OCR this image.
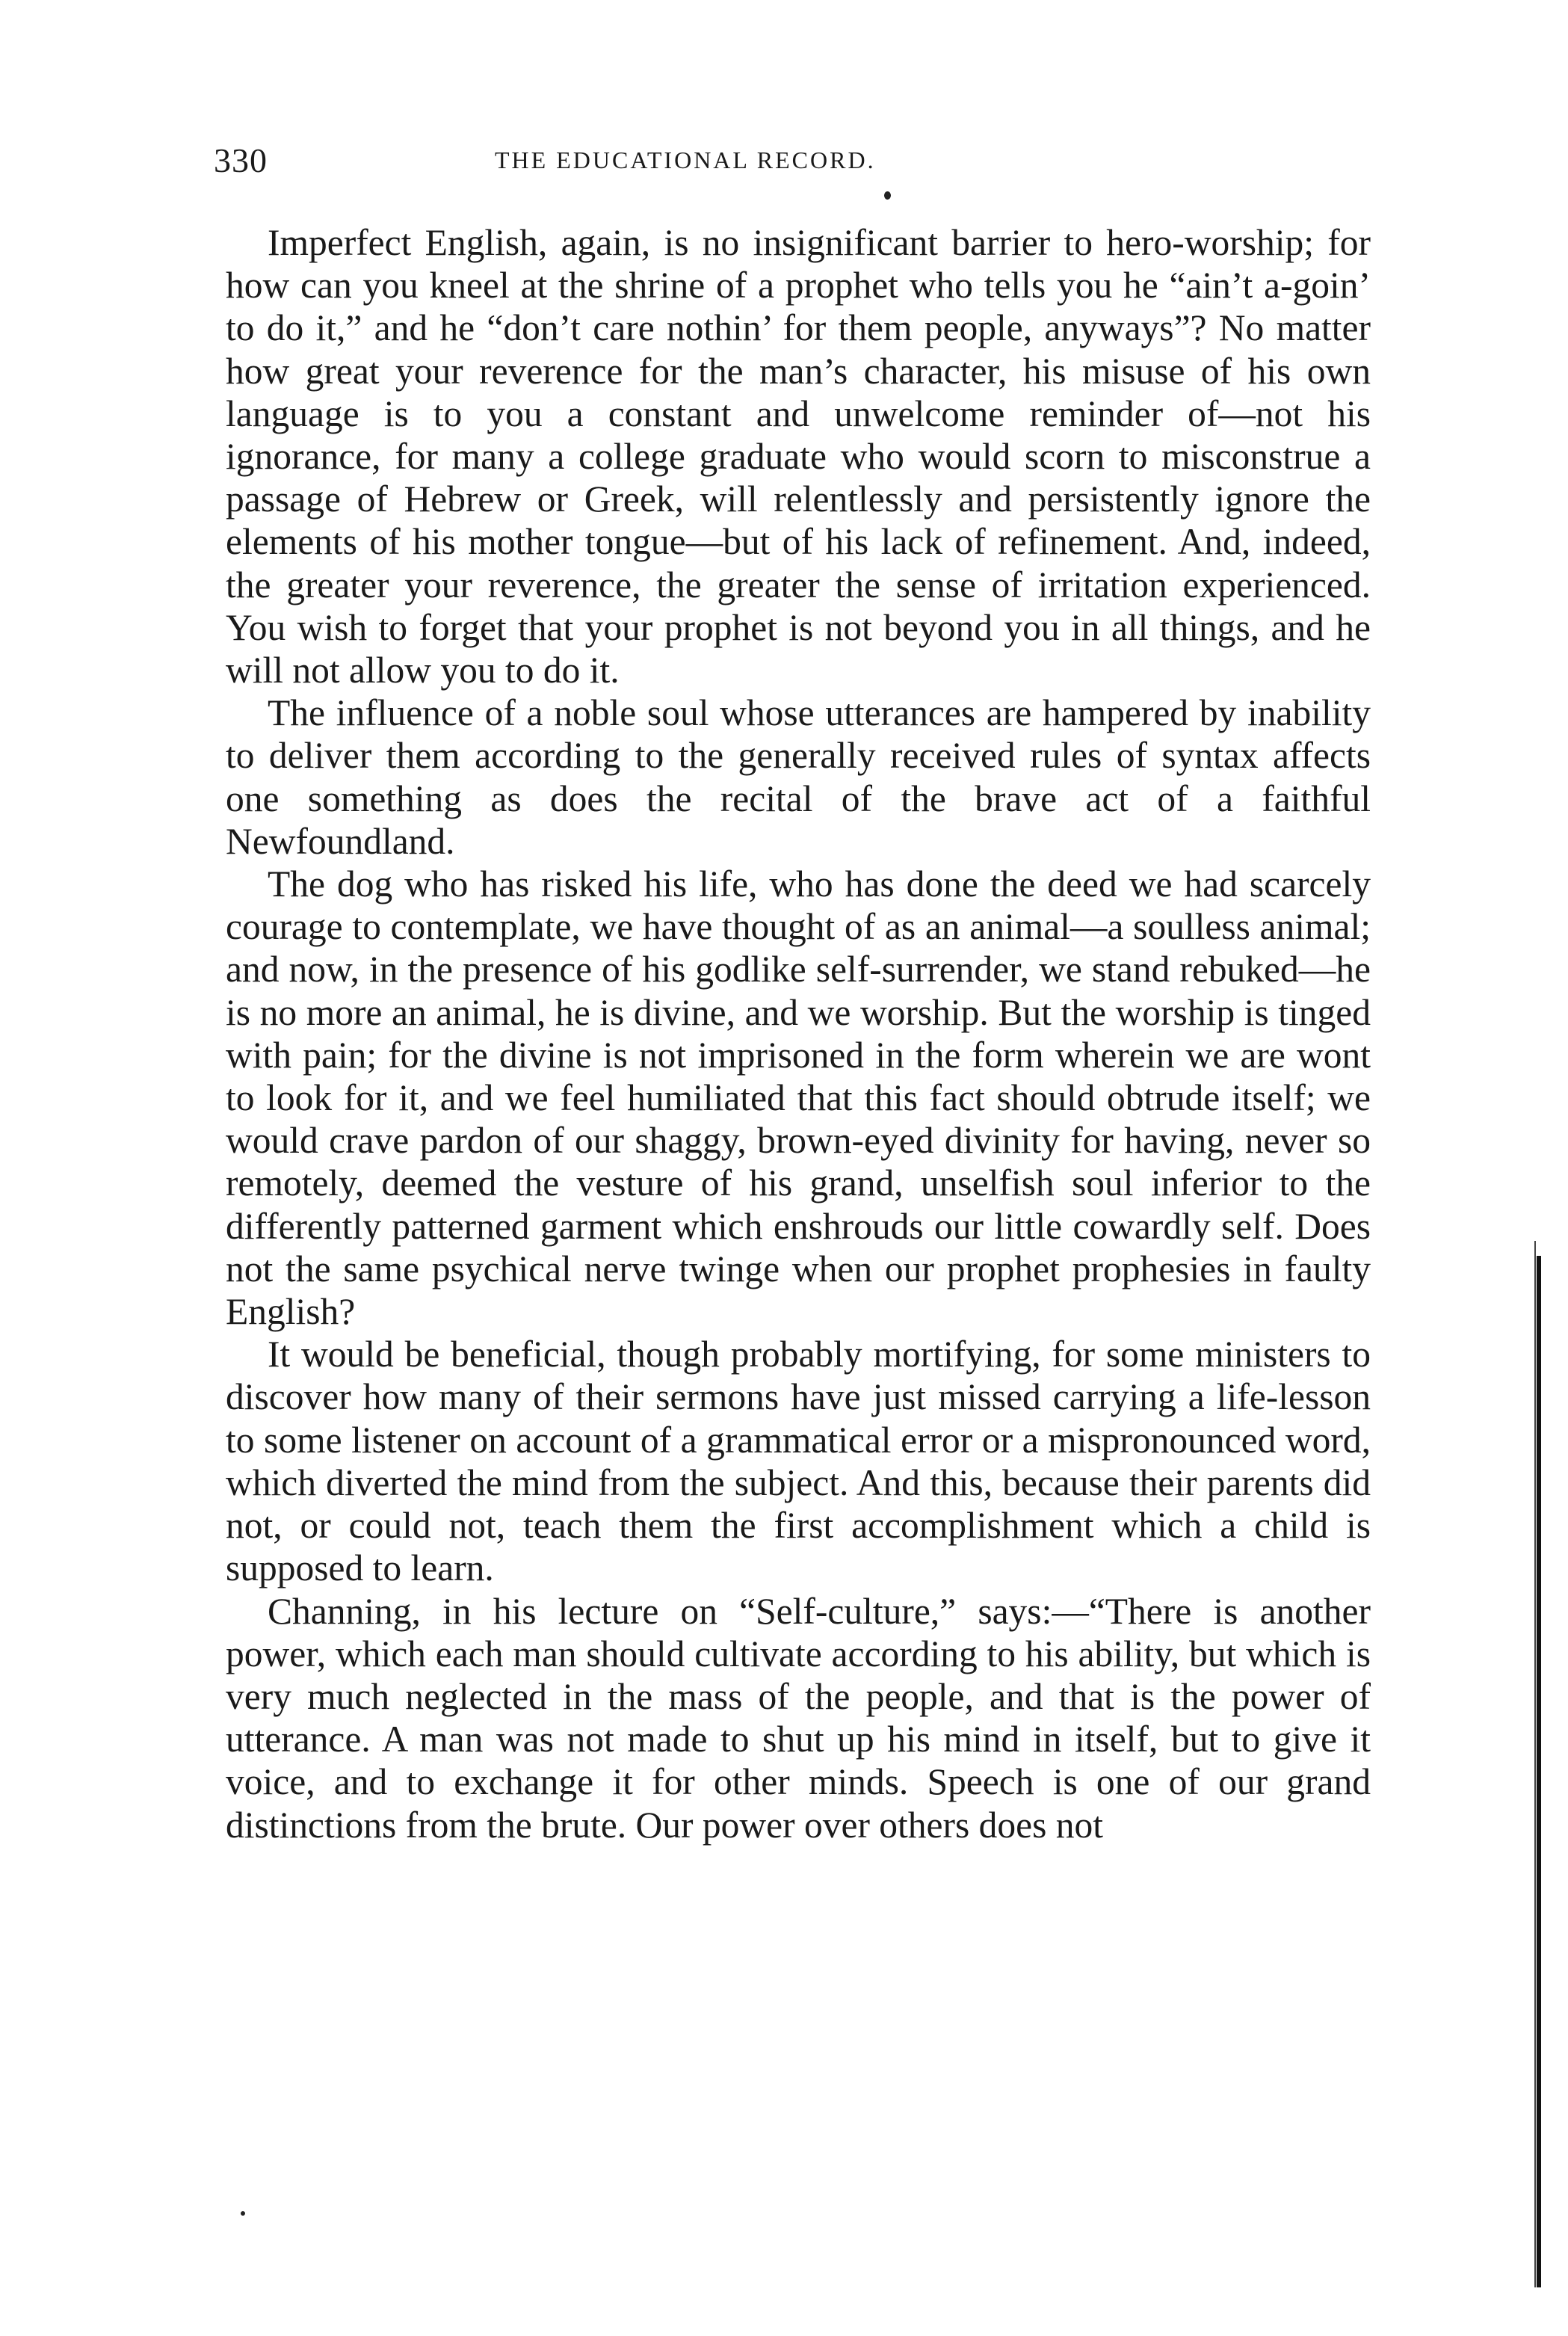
330	THE EDUCATIONAL RECORD.

Imperfect English, again, is no insignificant barrier to hero-worship; for how can you kneel at the shrine of a prophet who tells you he “ain’t a-goin’ to do it,” and he “don’t care nothin’ for them people, anyways”? No matter how great your reverence for the man’s character, his misuse of his own language is to you a constant and unwelcome reminder of—not his ignorance, for many a college graduate who would scorn to misconstrue a passage of Hebrew or Greek, will relentlessly and persistently ignore the elements of his mother tongue—but of his lack of refinement. And, indeed, the greater your reverence, the greater the sense of irritation experienced. You wish to forget that your prophet is not beyond you in all things, and he will not allow you to do it.

The influence of a noble soul whose utterances are hampered by inability to deliver them according to the generally received rules of syntax affects one something as does the recital of the brave act of a faithful Newfoundland.

The dog who has risked his life, who has done the deed we had scarcely courage to contemplate, we have thought of as an animal—a soulless animal; and now, in the presence of his godlike self-surrender, we stand rebuked—he is no more an animal, he is divine, and we worship. But the worship is tinged with pain; for the divine is not imprisoned in the form wherein we are wont to look for it, and we feel humiliated that this fact should obtrude itself; we would crave pardon of our shaggy, brown-eyed divinity for having, never so remotely, deemed the vesture of his grand, unselfish soul inferior to the differently patterned garment which enshrouds our little cowardly self. Does not the same psychical nerve twinge when our prophet prophesies in faulty English?

It would be beneficial, though probably mortifying, for some ministers to discover how many of their sermons have just missed carrying a life-lesson to some listener on account of a grammatical error or a mispronounced word, which diverted the mind from the subject. And this, because their parents did not, or could not, teach them the first accomplishment which a child is supposed to learn.

Channing, in his lecture on “Self-culture,” says:—“There is another power, which each man should cultivate according to his ability, but which is very much neglected in the mass of the people, and that is the power of utterance. A man was not made to shut up his mind in itself, but to give it voice, and to exchange it for other minds. Speech is one of our grand distinctions from the brute. Our power over others does not
